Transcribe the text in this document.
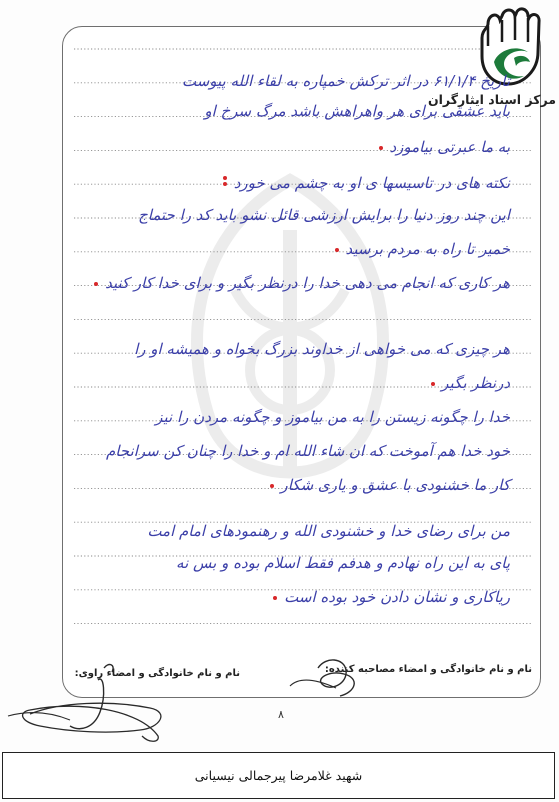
مرکز اسناد ایثارگران
تاریخ ۶۱/۱/۴ در اثر ترکش خمپاره به لقاء الله پیوست
باید عشقی برای هر واهراهش باشد مرگ سرخ او
به ما عبرتی بیاموزد
نکته های در تاسیسها ی او به چشم می خورد
این چند روز دنیا را برایش ارزشی قائل نشو باید کد را حتماج
خمیر تا راه به مردم برسید
هر کاری که انجام می دهی خدا را درنظر بگیر و برای خدا کار کنید
هر چیزی که می خواهی از خداوند بزرگ بخواه و همیشه او را
درنظر بگیر
خدا را چگونه زیستن را به من بیاموز و چگونه مردن را نیز
خود خدا هم آموخت که ان شاء الله ام و خدا را چنان کن سرانجام
کار ما خشنودی با عشق و یاری شکار
من برای رضای خدا و خشنودی الله و رهنمودهای امام امت
پای به این راه نهادم و هدفم فقط اسلام بوده و بس نه
ریاکاری و نشان دادن خود بوده است
نام و نام خانوادگی و امضاء مصاحبه کننده:
نام و نام خانوادگی و امضاء راوی:
۸
شهید غلامرضا پیرجمالی نیسیانی
